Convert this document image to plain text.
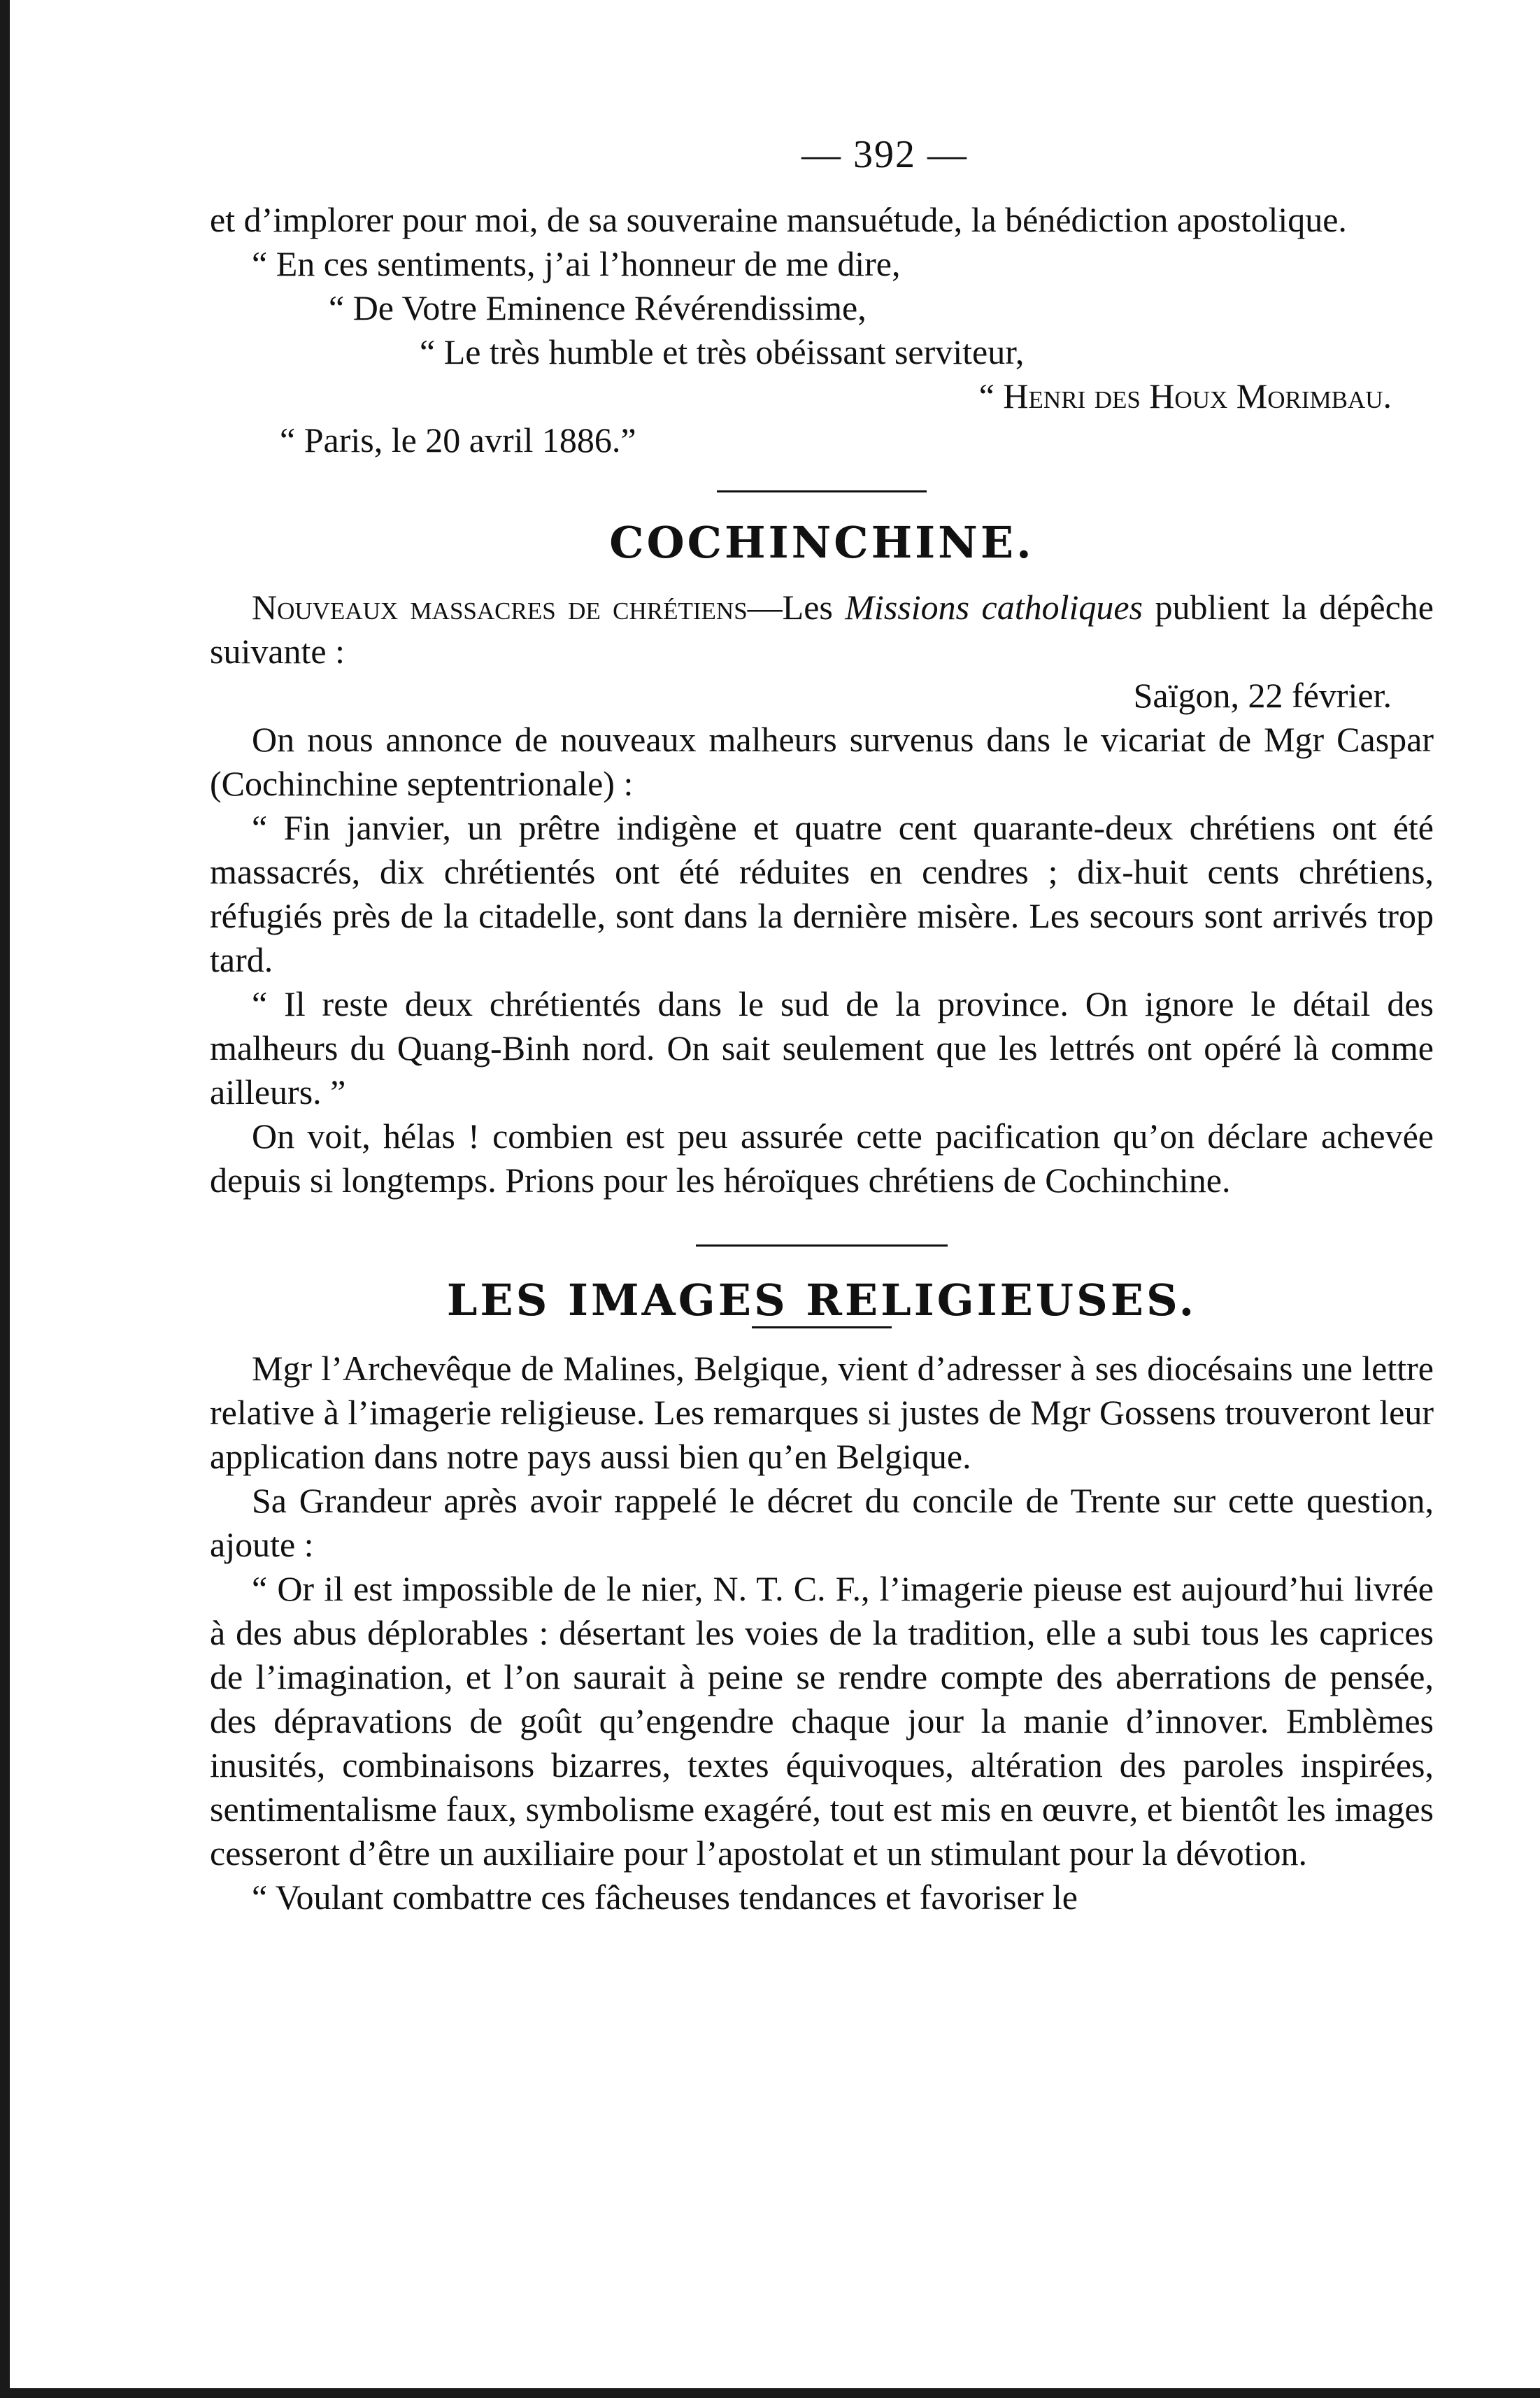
— 392 —

et d’implorer pour moi, de sa souveraine mansuétude, la bénédiction apostolique.

“ En ces sentiments, j’ai l’honneur de me dire,

“ De Votre Eminence Révérendissime,

“ Le très humble et très obéissant serviteur,

“ Henri des Houx Morimbau.

“ Paris, le 20 avril 1886.”

COCHINCHINE.

Nouveaux massacres de chrétiens—Les Missions catholiques publient la dépêche suivante :

Saïgon, 22 février.

On nous annonce de nouveaux malheurs survenus dans le vicariat de Mgr Caspar (Cochinchine septentrionale) :

“ Fin janvier, un prêtre indigène et quatre cent quarante-deux chrétiens ont été massacrés, dix chrétientés ont été réduites en cendres ; dix-huit cents chrétiens, réfugiés près de la citadelle, sont dans la dernière misère. Les secours sont arrivés trop tard.

“ Il reste deux chrétientés dans le sud de la province. On ignore le détail des malheurs du Quang-Binh nord. On sait seulement que les lettrés ont opéré là comme ailleurs. ”

On voit, hélas ! combien est peu assurée cette pacification qu’on déclare achevée depuis si longtemps. Prions pour les héroïques chrétiens de Cochinchine.

LES IMAGES RELIGIEUSES.

Mgr l’Archevêque de Malines, Belgique, vient d’adresser à ses diocésains une lettre relative à l’imagerie religieuse. Les remarques si justes de Mgr Gossens trouveront leur application dans notre pays aussi bien qu’en Belgique.

Sa Grandeur après avoir rappelé le décret du concile de Trente sur cette question, ajoute :

“ Or il est impossible de le nier, N. T. C. F., l’imagerie pieuse est aujourd’hui livrée à des abus déplorables : désertant les voies de la tradition, elle a subi tous les caprices de l’imagination, et l’on saurait à peine se rendre compte des aberrations de pensée, des dépravations de goût qu’engendre chaque jour la manie d’innover. Emblèmes inusités, combinaisons bizarres, textes équivoques, altération des paroles inspirées, sentimentalisme faux, symbolisme exagéré, tout est mis en œuvre, et bientôt les images cesseront d’être un auxiliaire pour l’apostolat et un stimulant pour la dévotion.

“ Voulant combattre ces fâcheuses tendances et favoriser le
